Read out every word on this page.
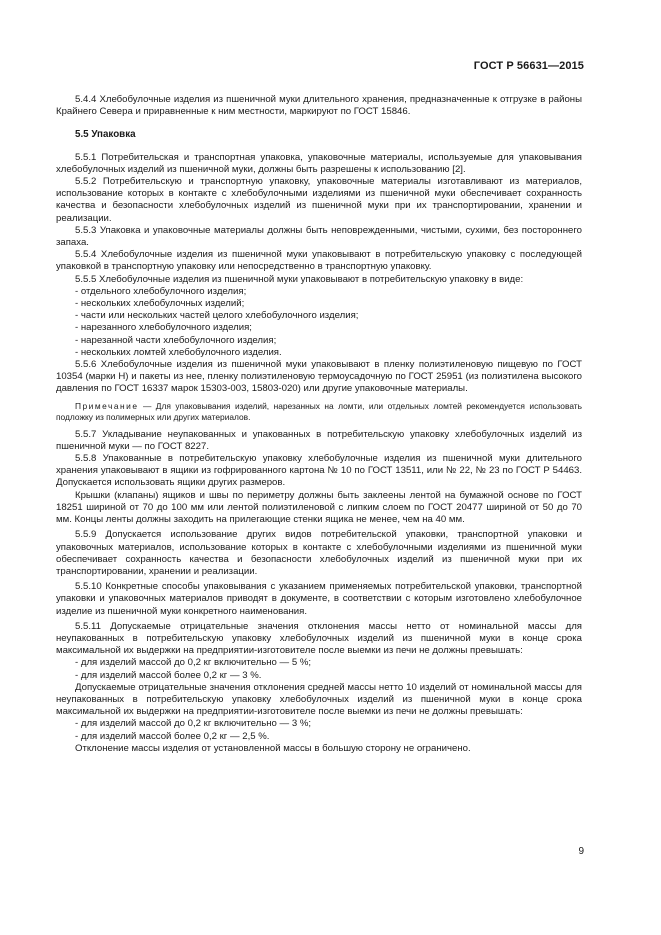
ГОСТ Р 56631—2015

5.4.4 Хлебобулочные изделия из пшеничной муки длительного хранения, предназначенные к отгрузке в районы Крайнего Севера и приравненные к ним местности, маркируют по ГОСТ 15846.

5.5 Упаковка

5.5.1 Потребительская и транспортная упаковка, упаковочные материалы, используемые для упаковывания хлебобулочных изделий из пшеничной муки, должны быть разрешены к использованию [2].

5.5.2 Потребительскую и транспортную упаковку, упаковочные материалы изготавливают из материалов, использование которых в контакте с хлебобулочными изделиями из пшеничной муки обеспечивает сохранность качества и безопасности хлебобулочных изделий из пшеничной муки при их транспортировании, хранении и реализации.

5.5.3 Упаковка и упаковочные материалы должны быть неповрежденными, чистыми, сухими, без постороннего запаха.

5.5.4 Хлебобулочные изделия из пшеничной муки упаковывают в потребительскую упаковку с последующей упаковкой в транспортную упаковку или непосредственно в транспортную упаковку.

5.5.5 Хлебобулочные изделия из пшеничной муки упаковывают в потребительскую упаковку в виде:

- отдельного хлебобулочного изделия;

- нескольких хлебобулочных изделий;

- части или нескольких частей целого хлебобулочного изделия;

- нарезанного хлебобулочного изделия;

- нарезанной части хлебобулочного изделия;

- нескольких ломтей хлебобулочного изделия.

5.5.6 Хлебобулочные изделия из пшеничной муки упаковывают в пленку полиэтиленовую пищевую по ГОСТ 10354 (марки Н) и пакеты из нее, пленку полиэтиленовую термоусадочную по ГОСТ 25951 (из полиэтилена высокого давления по ГОСТ 16337 марок 15303-003, 15803-020) или другие упаковочные материалы.

Примечание — Для упаковывания изделий, нарезанных на ломти, или отдельных ломтей рекомендуется использовать подложку из полимерных или других материалов.

5.5.7 Укладывание неупакованных и упакованных в потребительскую упаковку хлебобулочных изделий из пшеничной муки — по ГОСТ 8227.

5.5.8 Упакованные в потребительскую упаковку хлебобулочные изделия из пшеничной муки длительного хранения упаковывают в ящики из гофрированного картона № 10 по ГОСТ 13511, или № 22, № 23 по ГОСТ Р 54463. Допускается использовать ящики других размеров.

Крышки (клапаны) ящиков и швы по периметру должны быть заклеены лентой на бумажной основе по ГОСТ 18251 шириной от 70 до 100 мм или лентой полиэтиленовой с липким слоем по ГОСТ 20477 шириной от 50 до 70 мм. Концы ленты должны заходить на прилегающие стенки ящика не менее, чем на 40 мм.

5.5.9 Допускается использование других видов потребительской упаковки, транспортной упаковки и упаковочных материалов, использование которых в контакте с хлебобулочными изделиями из пшеничной муки обеспечивает сохранность качества и безопасности хлебобулочных изделий из пшеничной муки при их транспортировании, хранении и реализации.

5.5.10 Конкретные способы упаковывания с указанием применяемых потребительской упаковки, транспортной упаковки и упаковочных материалов приводят в документе, в соответствии с которым изготовлено хлебобулочное изделие из пшеничной муки конкретного наименования.

5.5.11 Допускаемые отрицательные значения отклонения массы нетто от номинальной массы для неупакованных в потребительскую упаковку хлебобулочных изделий из пшеничной муки в конце срока максимальной их выдержки на предприятии-изготовителе после выемки из печи не должны превышать:

- для изделий массой до 0,2 кг включительно — 5 %;

- для изделий массой более 0,2 кг — 3 %.

Допускаемые отрицательные значения отклонения средней массы нетто 10 изделий от номинальной массы для неупакованных в потребительскую упаковку хлебобулочных изделий из пшеничной муки в конце срока максимальной их выдержки на предприятии-изготовителе после выемки из печи не должны превышать:

- для изделий массой до 0,2 кг включительно — 3 %;

- для изделий массой более 0,2 кг — 2,5 %.

Отклонение массы изделия от установленной массы в большую сторону не ограничено.

9
